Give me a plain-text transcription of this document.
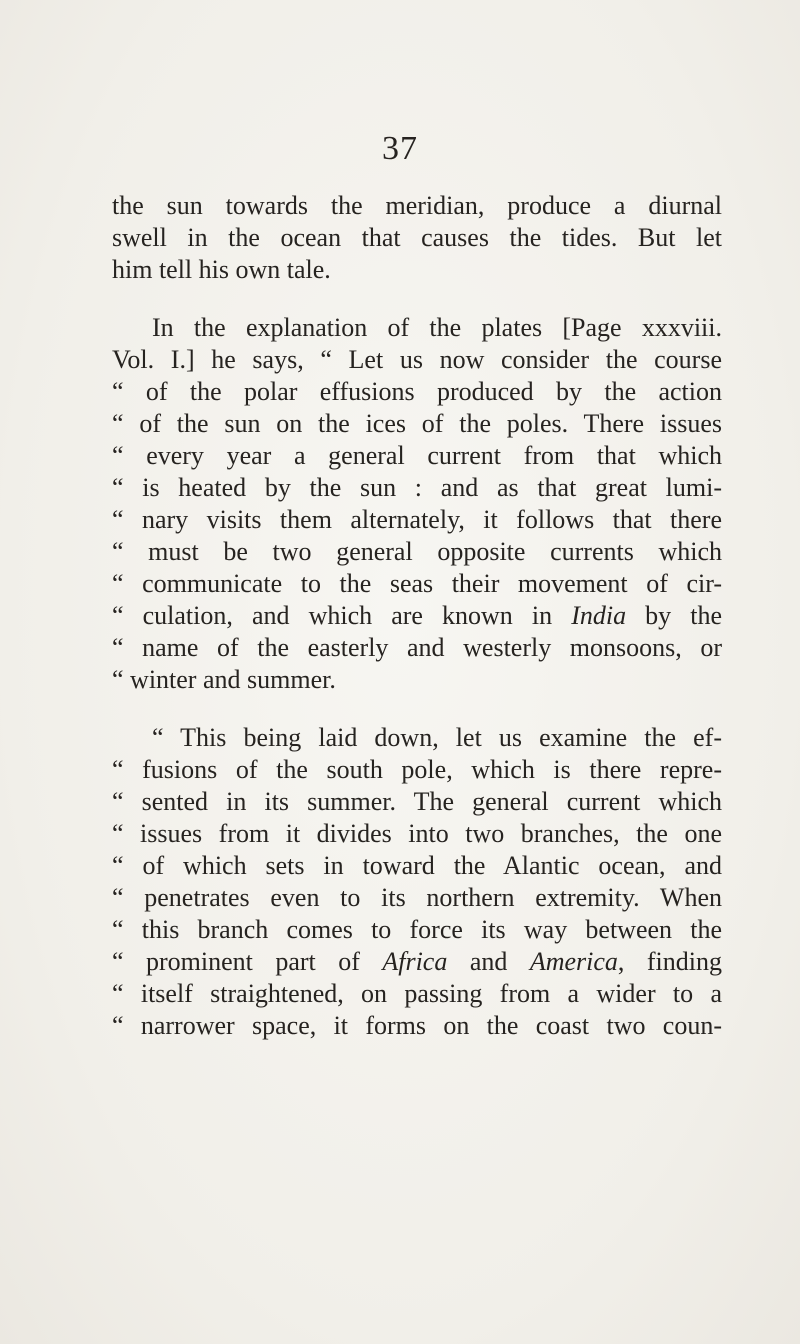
37
the sun towards the meridian, produce a diurnal
swell in the ocean that causes the tides. But let
him tell his own tale.
In the explanation of the plates [Page xxxviii.
Vol. I.] he says, “ Let us now consider the course
“ of the polar effusions produced by the action
“ of the sun on the ices of the poles. There issues
“ every year a general current from that which
“ is heated by the sun : and as that great lumi-
“ nary visits them alternately, it follows that there
“ must be two general opposite currents which
“ communicate to the seas their movement of cir-
“ culation, and which are known in India by the
“ name of the easterly and westerly monsoons, or
“ winter and summer.
“ This being laid down, let us examine the ef-
“ fusions of the south pole, which is there repre-
“ sented in its summer. The general current which
“ issues from it divides into two branches, the one
“ of which sets in toward the Alantic ocean, and
“ penetrates even to its northern extremity. When
“ this branch comes to force its way between the
“ prominent part of Africa and America, finding
“ itself straightened, on passing from a wider to a
“ narrower space, it forms on the coast two coun-
